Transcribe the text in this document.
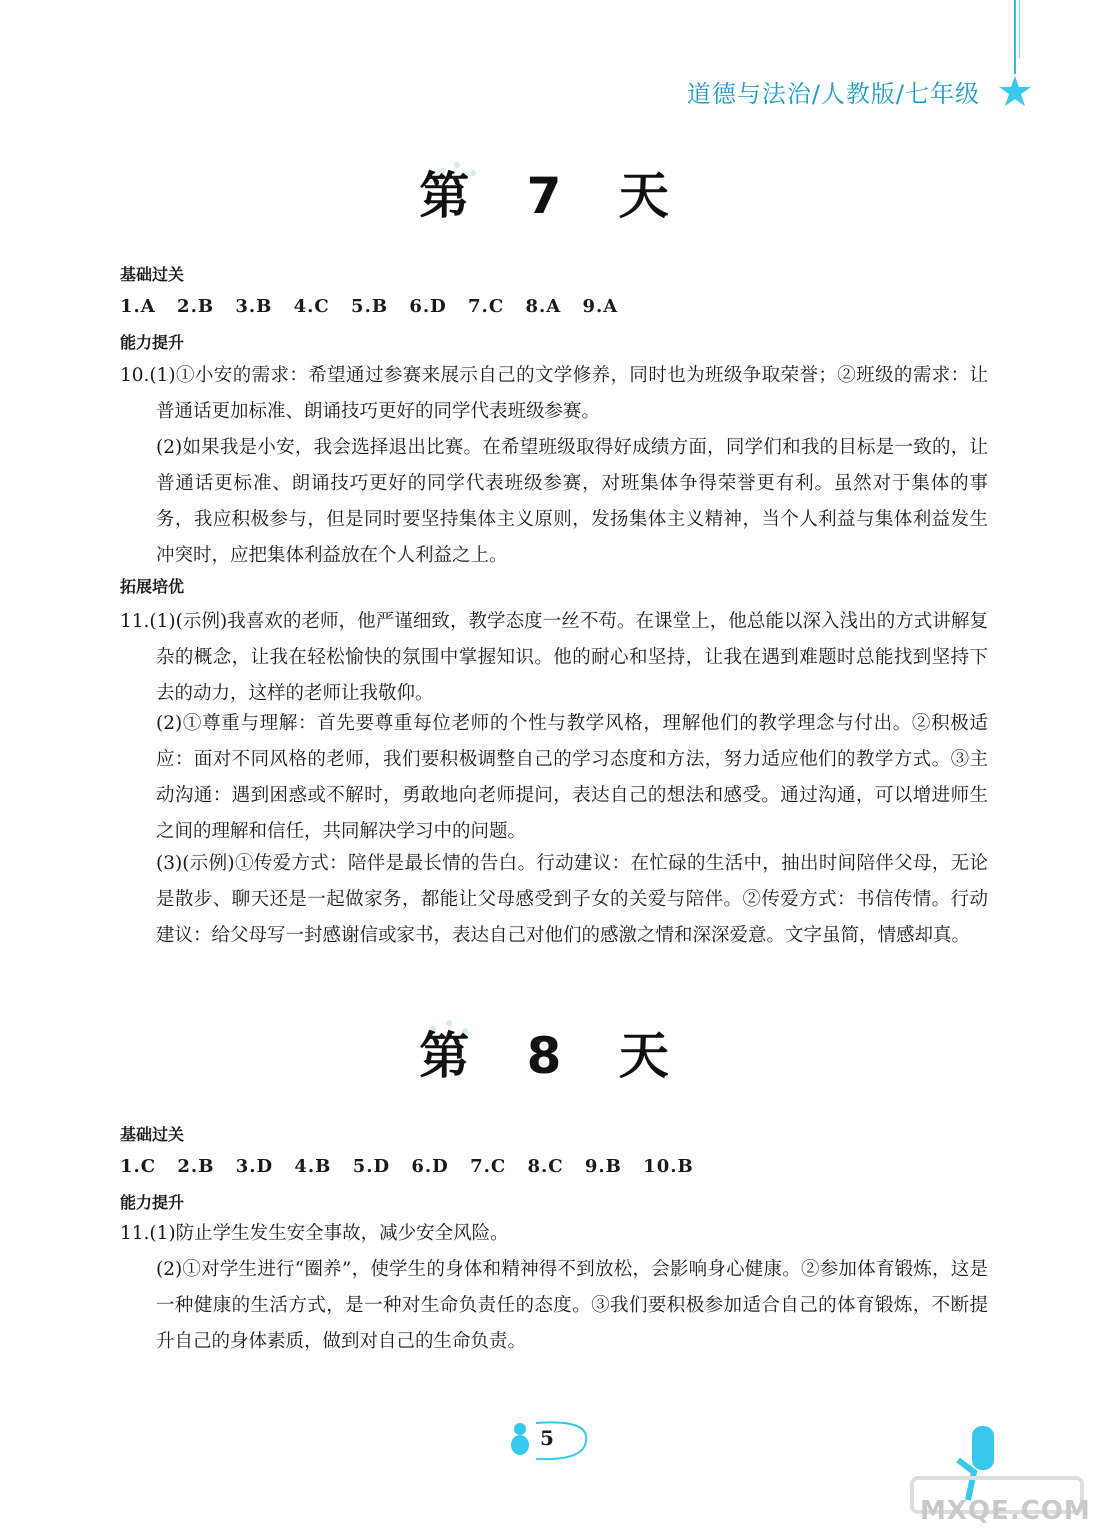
道德与法治/人教版/七年级
第 7 天
基础过关
1.A 2.B 3.B 4.C 5.B 6.D 7.C 8.A 9.A
能力提升
10.(1)①小安的需求：希望通过参赛来展示自己的文学修养，同时也为班级争取荣誉；②班级的需求：让普通话更加标准、朗诵技巧更好的同学代表班级参赛。
(2)如果我是小安，我会选择退出比赛。在希望班级取得好成绩方面，同学们和我的目标是一致的，让普通话更标准、朗诵技巧更好的同学代表班级参赛，对班集体争得荣誉更有利。虽然对于集体的事务，我应积极参与，但是同时要坚持集体主义原则，发扬集体主义精神，当个人利益与集体利益发生冲突时，应把集体利益放在个人利益之上。
拓展培优
11.(1)(示例)我喜欢的老师，他严谨细致，教学态度一丝不苟。在课堂上，他总能以深入浅出的方式讲解复杂的概念，让我在轻松愉快的氛围中掌握知识。他的耐心和坚持，让我在遇到难题时总能找到坚持下去的动力，这样的老师让我敬仰。
(2)①尊重与理解：首先要尊重每位老师的个性与教学风格，理解他们的教学理念与付出。②积极适应：面对不同风格的老师，我们要积极调整自己的学习态度和方法，努力适应他们的教学方式。③主动沟通：遇到困惑或不解时，勇敢地向老师提问，表达自己的想法和感受。通过沟通，可以增进师生之间的理解和信任，共同解决学习中的问题。
(3)(示例)①传爱方式：陪伴是最长情的告白。行动建议：在忙碌的生活中，抽出时间陪伴父母，无论是散步、聊天还是一起做家务，都能让父母感受到子女的关爱与陪伴。②传爱方式：书信传情。行动建议：给父母写一封感谢信或家书，表达自己对他们的感激之情和深深爱意。文字虽简，情感却真。
第 8 天
基础过关
1.C 2.B 3.D 4.B 5.D 6.D 7.C 8.C 9.B 10.B
能力提升
11.(1)防止学生发生安全事故，减少安全风险。
(2)①对学生进行“圈养”，使学生的身体和精神得不到放松，会影响身心健康。②参加体育锻炼，这是一种健康的生活方式，是一种对生命负责任的态度。③我们要积极参加适合自己的体育锻炼，不断提升自己的身体素质，做到对自己的生命负责。
5
MXQE.COM
